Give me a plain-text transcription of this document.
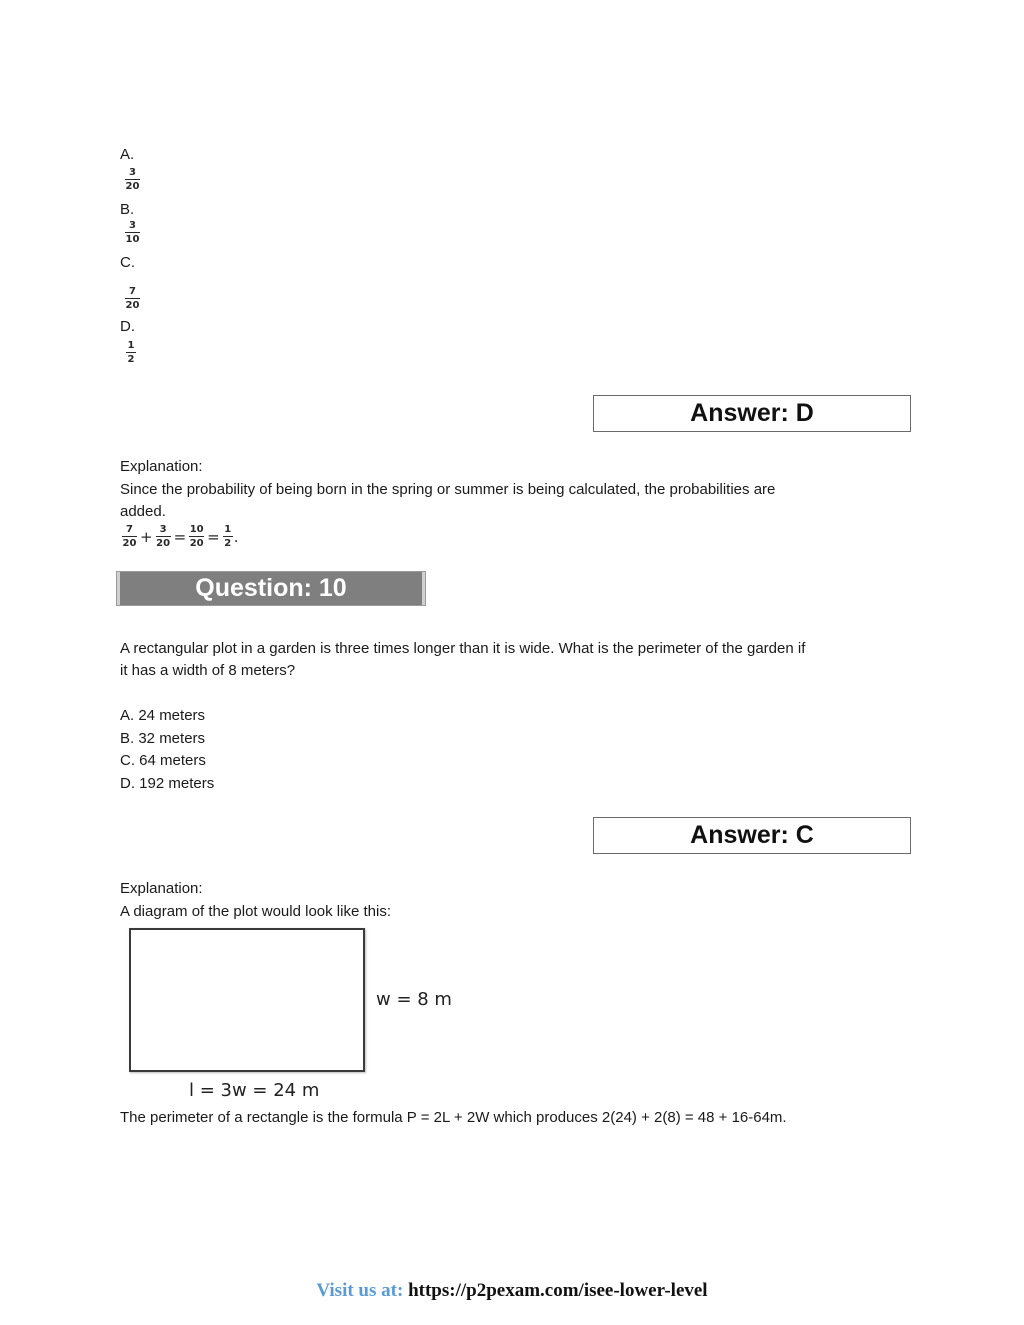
A.
3
20
B.
3
10
C.
7
20
D.
1
2
Answer: D
Explanation:
Since the probability of being born in the spring or summer is being calculated, the probabilities are
added.
$\frac{7}{20} + \frac{3}{20} = \frac{10}{20} = \frac{1}{2}$ .
Question: 10
A rectangular plot in a garden is three times longer than it is wide. What is the perimeter of the garden if
it has a width of 8 meters?
A. 24 meters
B. 32 meters
C. 64 meters
D. 192 meters
Answer: C
Explanation:
A diagram of the plot would look like this:
w = 8 m
l = 3w = 24 m
The perimeter of a rectangle is the formula P = 2L + 2W which produces 2(24) + 2(8) = 48 + 16-64m.
Visit us at: https://p2pexam.com/isee-lower-level
